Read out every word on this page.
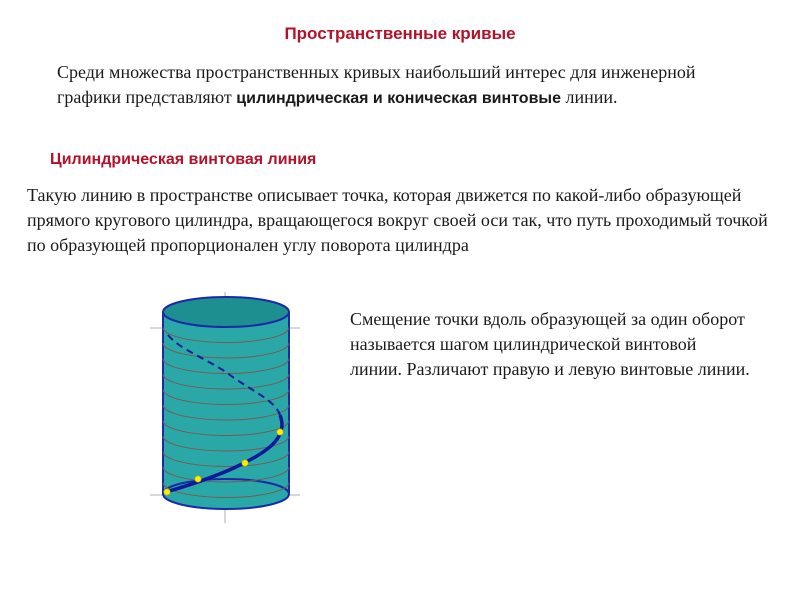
Пространственные кривые
Среди множества пространственных кривых наибольший интерес для инженерной графики представляют цилиндрическая и коническая винтовые линии.
Цилиндрическая винтовая линия
Такую линию в пространстве описывает точка, которая движется по какой-либо образующей прямого кругового цилиндра, вращающегося вокруг своей оси так, что путь проходимый точкой по образующей пропорционален углу поворота цилиндра
Смещение точки вдоль образующей за один оборот называется шагом цилиндрической винтовой линии. Различают правую и левую винтовые линии.
